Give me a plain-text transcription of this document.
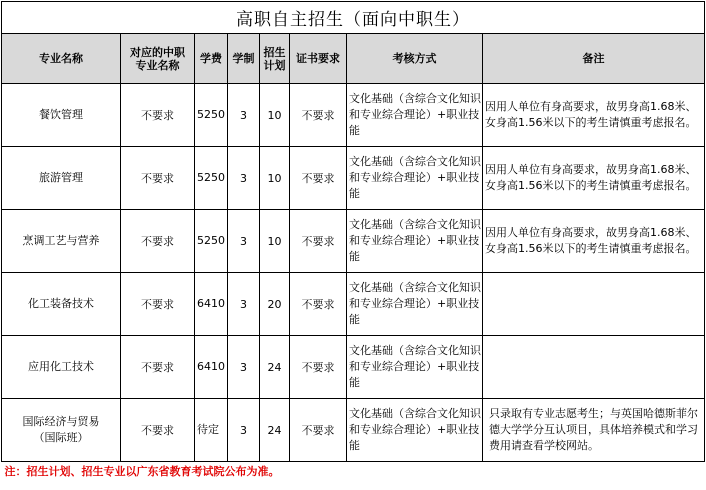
高职自主招生（面向中职生）							
专业名称	对应的中职专业名称	学费	学制	招生计划	证书要求	考核方式	备注
餐饮管理	不要求	5250	3	10	不要求	文化基础（含综合文化知识和专业综合理论）+职业技能	因用人单位有身高要求，故男身高1.68米、女身高1.56米以下的考生请慎重考虑报名。
旅游管理	不要求	5250	3	10	不要求	文化基础（含综合文化知识和专业综合理论）+职业技能	因用人单位有身高要求，故男身高1.68米、女身高1.56米以下的考生请慎重考虑报名。
烹调工艺与营养	不要求	5250	3	10	不要求	文化基础（含综合文化知识和专业综合理论）+职业技能	因用人单位有身高要求，故男身高1.68米、女身高1.56米以下的考生请慎重考虑报名。
化工装备技术	不要求	6410	3	20	不要求	文化基础（含综合文化知识和专业综合理论）+职业技能	
应用化工技术	不要求	6410	3	24	不要求	文化基础（含综合文化知识和专业综合理论）+职业技能	
国际经济与贸易（国际班）	不要求	待定	3	24	不要求	文化基础（含综合文化知识和专业综合理论）+职业技能	只录取有专业志愿考生；与英国哈德斯菲尔德大学学分互认项目，具体培养模式和学习费用请查看学校网站。
注：招生计划、招生专业以广东省教育考试院公布为准。							
